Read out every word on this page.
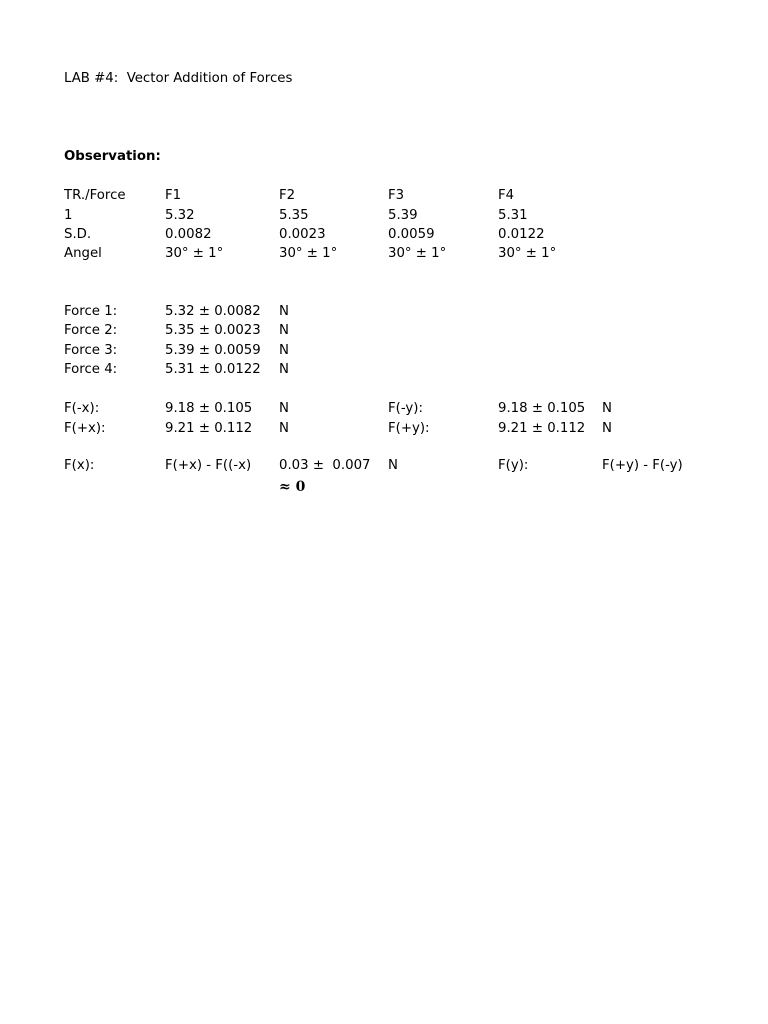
LAB #4:  Vector Addition of Forces
Observation:
TR./Force	F1	F2	F3	F4
1	5.32	5.35	5.39	5.31
S.D.	0.0082	0.0023	0.0059	0.0122
Angel	30° ± 1°	30° ± 1°	30° ± 1°	30° ± 1°
Force 1:	5.32 ± 0.0082 N
Force 2:	5.35 ± 0.0023 N
Force 3:	5.39 ± 0.0059 N
Force 4:	5.31 ± 0.0122 N
F(-x):	9.18 ± 0.105 N	F(-y):	9.18 ± 0.105 N
F(+x):	9.21 ± 0.112 N	F(+y):	9.21 ± 0.112 N
F(x):	F(+x) - F((-x) 0.03 ±  0.007 N	F(y):	F(+y) - F(-y)
≈ 0
